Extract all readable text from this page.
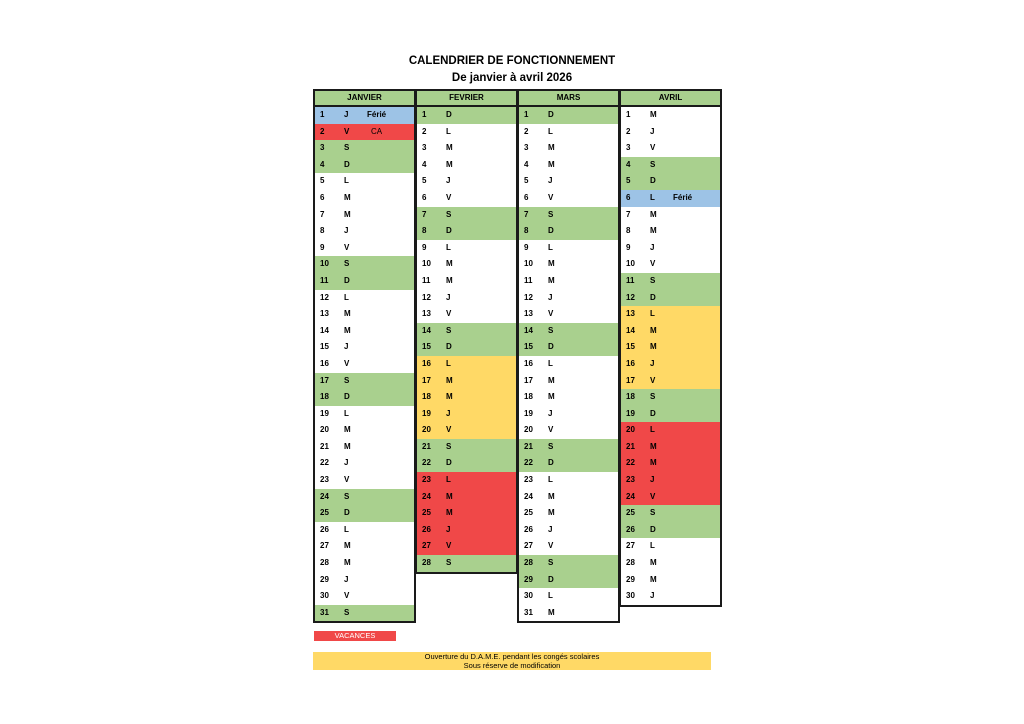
CALENDRIER DE FONCTIONNEMENT
De janvier à avril 2026
JANVIER
1 J Férié
2 V	CA
3 S
4 D
5 L
6 M
7 M
8 J
9 V
10 S
11 D
12 L
13 M
14 M
15 J
16 V
17 S
18 D
19 L
20 M
21 M
22 J
23 V
24 S
25 D
26 L
27 M
28 M
29 J
30 V
31 S
FEVRIER
1 D
2 L
3 M
4 M
5 J
6 V
7 S
8 D
9 L
10 M
11 M
12 J
13 V
14 S
15 D
16 L
17 M
18 M
19 J
20 V
21 S
22 D
23 L
24 M
25 M
26 J
27 V
28 S
MARS
1 D
2 L
3 M
4 M
5 J
6 V
7 S
8 D
9 L
10 M
11 M
12 J
13 V
14 S
15 D
16 L
17 M
18 M
19 J
20 V
21 S
22 D
23 L
24 M
25 M
26 J
27 V
28 S
29 D
30 L
31 M
AVRIL
1 M
2 J
3 V
4 S
5 D
6 L Férié
7 M
8 M
9 J
10 V
11 S
12 D
13 L
14 M
15 M
16 J
17 V
18 S
19 D
20 L
21 M
22 M
23 J
24 V
25 S
26 D
27 L
28 M
29 M
30 J
VACANCES
Ouverture du D.A.M.E. pendant les congés scolaires
Sous réserve de modification
